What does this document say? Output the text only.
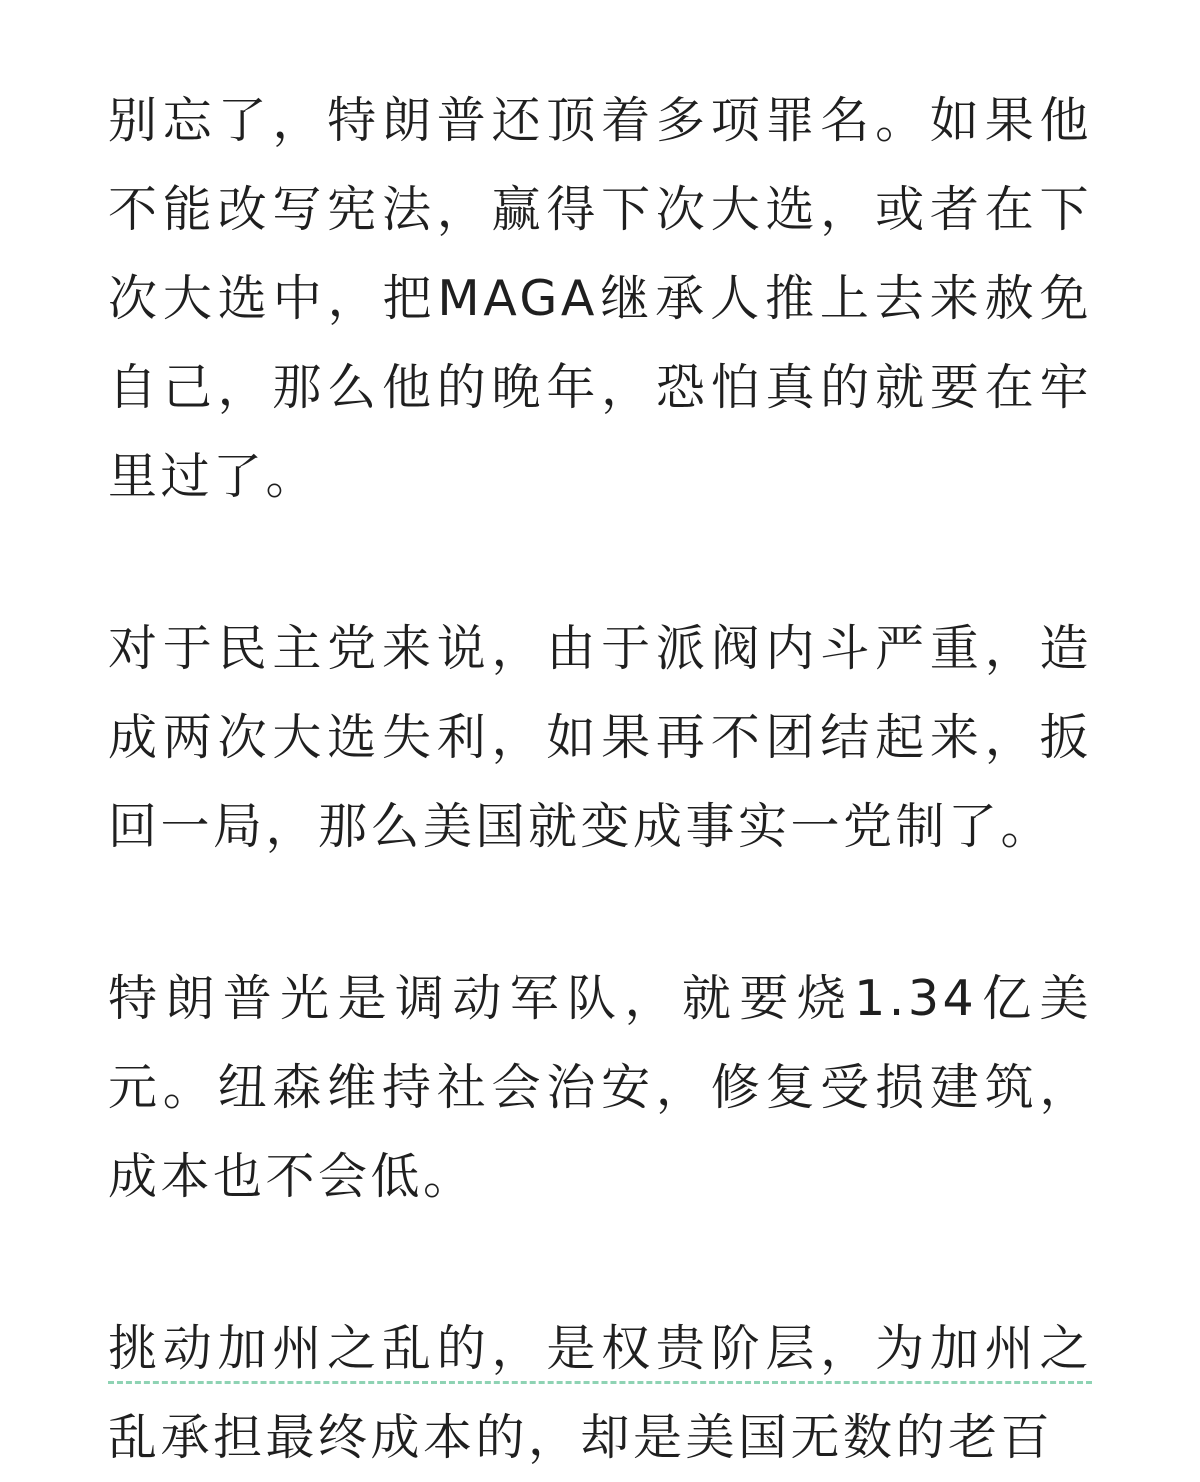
别忘了，特朗普还顶着多项罪名。如果他不能改写宪法，赢得下次大选，或者在下次大选中，把MAGA继承人推上去来赦免自己，那么他的晚年，恐怕真的就要在牢里过了。

对于民主党来说，由于派阀内斗严重，造成两次大选失利，如果再不团结起来，扳回一局，那么美国就变成事实一党制了。

特朗普光是调动军队，就要烧1.34亿美元。纽森维持社会治安，修复受损建筑，成本也不会低。

挑动加州之乱的，是权贵阶层，为加州之乱承担最终成本的，却是美国无数的老百
